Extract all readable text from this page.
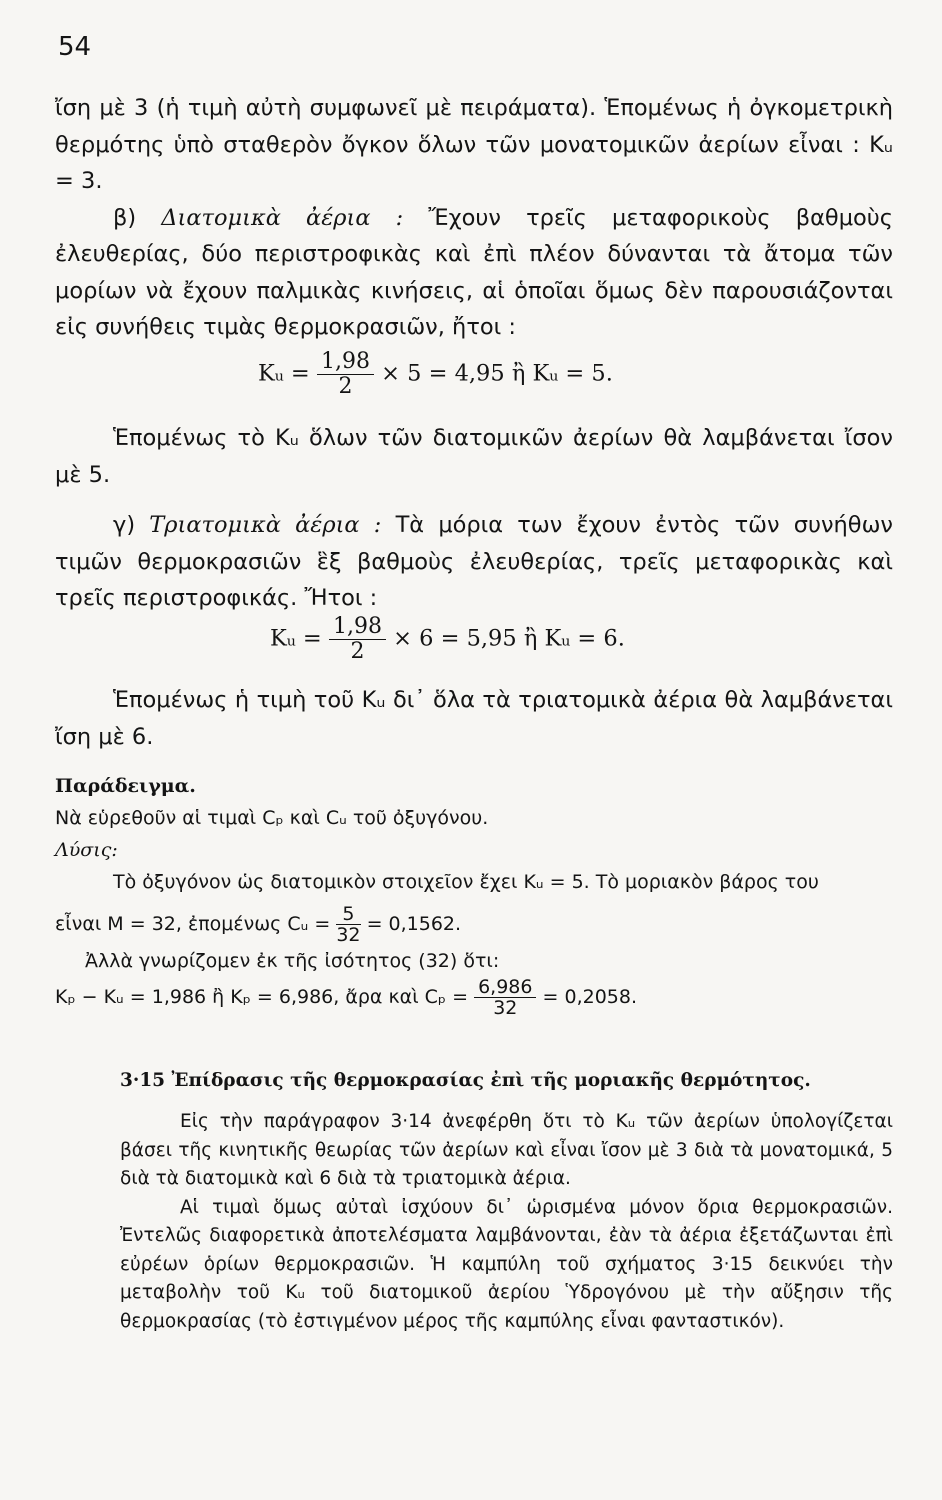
54

ἴση μὲ 3 (ἡ τιμὴ αὐτὴ συμφωνεῖ μὲ πειράματα). Ἑπομένως ἡ ὀγκομετρικὴ θερμότης ὑπὸ σταθερὸν ὄγκον ὅλων τῶν μονατομικῶν ἀερίων εἶναι : Kᵤ = 3.

β) Διατομικὰ ἀέρια : Ἔχουν τρεῖς μεταφορικοὺς βαθμοὺς ἐλευθερίας, δύο περιστροφικὰς καὶ ἐπὶ πλέον δύνανται τὰ ἄτομα τῶν μορίων νὰ ἔχουν παλμικὰς κινήσεις, αἱ ὁποῖαι ὅμως δὲν παρουσιάζονται εἰς συνήθεις τιμὰς θερμοκρασιῶν, ἤτοι :

Kᵤ = $\frac{1,98}{2} \times 5 = 4,95$ ἢ Kᵤ = 5.

Ἑπομένως τὸ Kᵤ ὅλων τῶν διατομικῶν ἀερίων θὰ λαμβάνεται ἴσον μὲ 5.

γ) Τριατομικὰ ἀέρια : Τὰ μόρια των ἔχουν ἐντὸς τῶν συνήθων τιμῶν θερμοκρασιῶν ἓξ βαθμοὺς ἐλευθερίας, τρεῖς μεταφορικὰς καὶ τρεῖς περιστροφικάς. Ἤτοι :

Kᵤ = $\frac{1,98}{2} \times 6 = 5,95$ ἢ Kᵤ = 6.

Ἑπομένως ἡ τιμὴ τοῦ Kᵤ δι᾽ ὅλα τὰ τριατομικὰ ἀέρια θὰ λαμβάνεται ἴση μὲ 6.

Παράδειγμα.

Νὰ εὑρεθοῦν αἱ τιμαὶ Cₚ καὶ Cᵤ τοῦ ὀξυγόνου.

Λύσις:

Τὸ ὀξυγόνον ὡς διατομικὸν στοιχεῖον ἔχει Kᵤ = 5. Τὸ μοριακὸν βάρος του

εἶναι M = 32, ἐπομένως Cᵤ = $\frac{5}{32} = 0,1562$.

Ἀλλὰ γνωρίζομεν ἐκ τῆς ἰσότητος (32) ὅτι:

Kₚ − Kᵤ = 1,986 ἢ Kₚ = 6,986, ἄρα καὶ $C_p = \frac{6,986}{32} = 0,2058$.

3·15 Ἐπίδρασις τῆς θερμοκρασίας ἐπὶ τῆς μοριακῆς θερμότητος.

Εἰς τὴν παράγραφον 3·14 ἀνεφέρθη ὅτι τὸ Kᵤ τῶν ἀερίων ὑπολογίζεται βάσει τῆς κινητικῆς θεωρίας τῶν ἀερίων καὶ εἶναι ἴσον μὲ 3 διὰ τὰ μονατομικά, 5 διὰ τὰ διατομικὰ καὶ 6 διὰ τὰ τριατομικὰ ἀέρια.

Αἱ τιμαὶ ὅμως αὐταὶ ἰσχύουν δι᾽ ὡρισμένα μόνον ὅρια θερμοκρασιῶν. Ἐντελῶς διαφορετικὰ ἀποτελέσματα λαμβάνονται, ἐὰν τὰ ἀέρια ἐξετάζωνται ἐπὶ εὐρέων ὁρίων θερμοκρασιῶν. Ἡ καμπύλη τοῦ σχήματος 3·15 δεικνύει τὴν μεταβολὴν τοῦ Kᵤ τοῦ διατομικοῦ ἀερίου Ὑδρογόνου μὲ τὴν αὔξησιν τῆς θερμοκρασίας (τὸ ἐστιγμένον μέρος τῆς καμπύλης εἶναι φανταστικόν).
